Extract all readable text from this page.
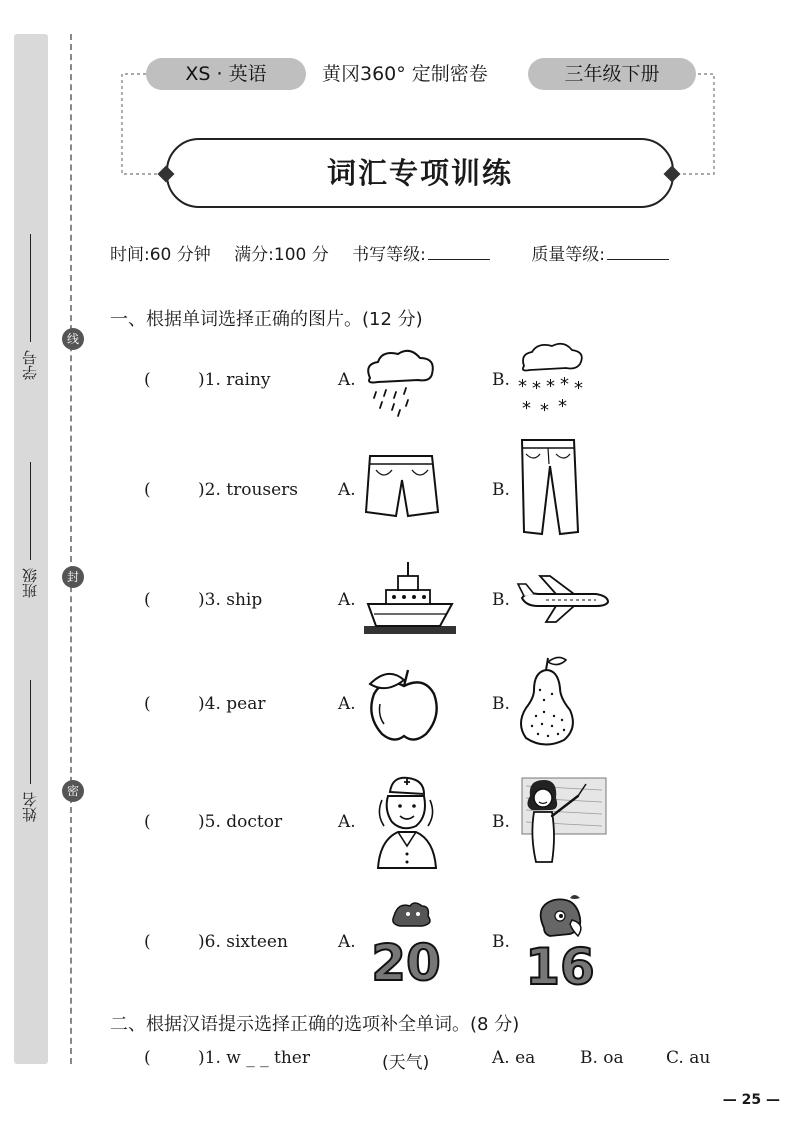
线
封
密
学号
班级
姓名
XS · 英语	黄冈360° 定制密卷	三年级下册
词汇专项训练
时间:60 分钟 满分:100 分 书写等级:	质量等级:
一、根据单词选择正确的图片。(12 分)
(	)1. rainy	A.	B. * * * * *
* * *
(	)2. trousers A.	B.
(	)3. ship	A.	B.
(	)4. pear	A.	B.
(	)5. doctor	A.	B.
(	)6. sixteen	A.	B.
20 16
二、根据汉语提示选择正确的选项补全单词。(8 分)
(	)1. w _ _ ther	(天气)	A. ea	B. oa C. au
— 25 —
